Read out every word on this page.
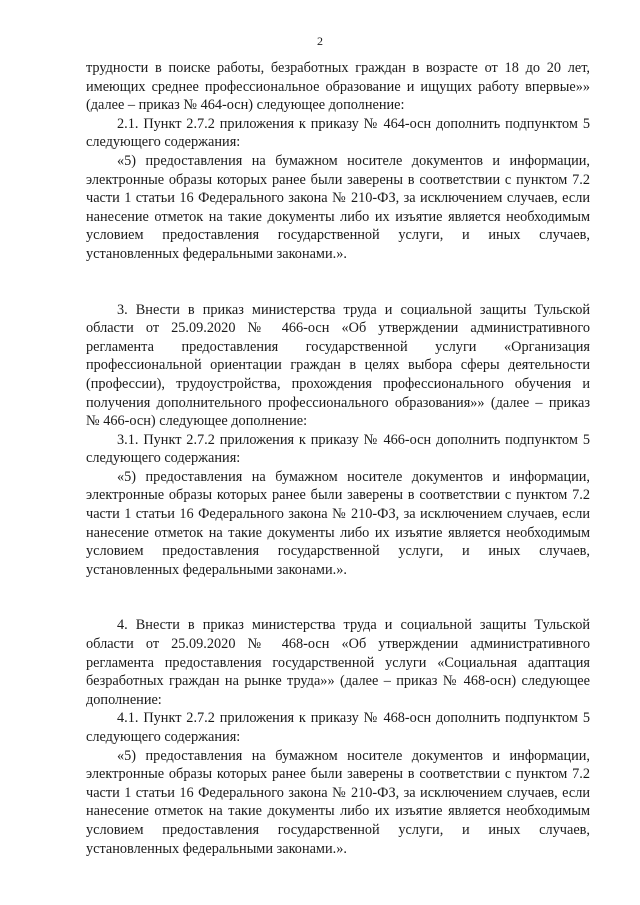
2

трудности в поиске работы, безработных граждан в возрасте от 18 до 20 лет, имеющих среднее профессиональное образование и ищущих работу впервые»» (далее – приказ № 464-осн) следующее дополнение:

2.1. Пункт 2.7.2 приложения к приказу № 464-осн дополнить подпунктом 5 следующего содержания:

«5) предоставления на бумажном носителе документов и информации, электронные образы которых ранее были заверены в соответствии с пунктом 7.2 части 1 статьи 16 Федерального закона № 210-ФЗ, за исключением случаев, если нанесение отметок на такие документы либо их изъятие является необходимым условием предоставления государственной услуги, и иных случаев, установленных федеральными законами.».

3. Внести в приказ министерства труда и социальной защиты Тульской области от 25.09.2020 № 466-осн «Об утверждении административного регламента предоставления государственной услуги «Организация профессиональной ориентации граждан в целях выбора сферы деятельности (профессии), трудоустройства, прохождения профессионального обучения и получения дополнительного профессионального образования»» (далее – приказ № 466-осн) следующее дополнение:

3.1. Пункт 2.7.2 приложения к приказу № 466-осн дополнить подпунктом 5 следующего содержания:

«5) предоставления на бумажном носителе документов и информации, электронные образы которых ранее были заверены в соответствии с пунктом 7.2 части 1 статьи 16 Федерального закона № 210-ФЗ, за исключением случаев, если нанесение отметок на такие документы либо их изъятие является необходимым условием предоставления государственной услуги, и иных случаев, установленных федеральными законами.».

4. Внести в приказ министерства труда и социальной защиты Тульской области от 25.09.2020 № 468-осн «Об утверждении административного регламента предоставления государственной услуги «Социальная адаптация безработных граждан на рынке труда»» (далее – приказ № 468-осн) следующее дополнение:

4.1. Пункт 2.7.2 приложения к приказу № 468-осн дополнить подпунктом 5 следующего содержания:

«5) предоставления на бумажном носителе документов и информации, электронные образы которых ранее были заверены в соответствии с пунктом 7.2 части 1 статьи 16 Федерального закона № 210-ФЗ, за исключением случаев, если нанесение отметок на такие документы либо их изъятие является необходимым условием предоставления государственной услуги, и иных случаев, установленных федеральными законами.».
